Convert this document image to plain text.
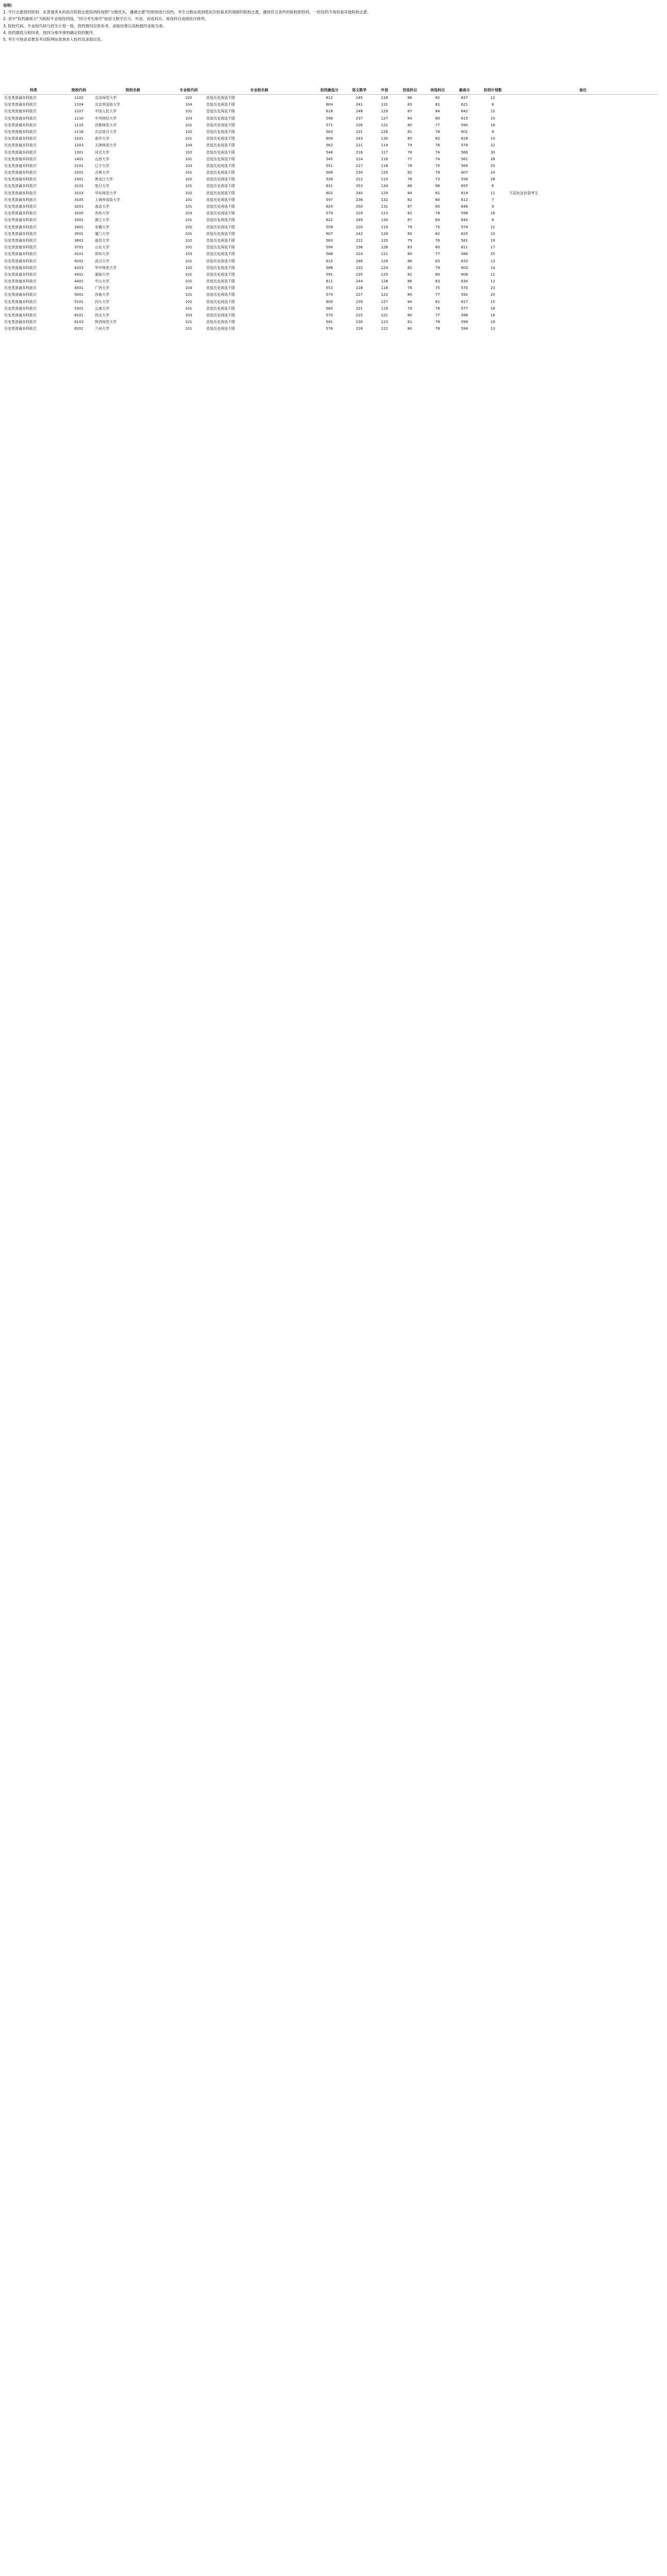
说明:

1. 平行志愿投档原则：在普通类本科批次院校志愿投档时按照"分数优先、遵循志愿"的原则进行投档，考生分数由高到低依次检索其所填报的院校志愿，遇到符合条件的院校即投档，一经投档不再检索其他院校志愿。

2. 表中"投档最低分"为院校专业组投档线，"同分考生排序"按语文数学总分、外语、首选科目、再选科目成绩依次排列。

3. 院校代码、专业组代码与招生计划一致，投档情况仅供参考，录取结果以高校最终录取为准。

4. 投档最低分相同者，按同分排序规则确定投档顺序。

5. 考生可登录省教育考试院网站查询本人投档及录取信息。

科类	院校代码	院校名称	专业组代码	专业组名称	投档最低分	语文数学	外语	首选科目	再选科目	最高分	投档计划数	备注
历史类普通本科批次	1102	北京师范大学	102	首选历史再选不限	612	245	128	86	82	637	12	
历史类普通本科批次	1104	北京外国语大学	104	首选历史再选不限	604	241	131	83	81	621	8	
历史类普通本科批次	1107	中国人民大学	101	首选历史再选不限	618	248	129	87	84	642	15	
历史类普通本科批次	1110	中央财经大学	103	首选历史再选不限	598	237	127	84	80	615	10	
历史类普通本科批次	1115	首都师范大学	101	首选历史再选不限	571	226	121	80	77	590	18	
历史类普通本科批次	1118	北京语言大学	102	首选历史再选不限	583	231	126	81	78	601	9	
历史类普通本科批次	1201	南开大学	101	首选历史再选不限	609	243	130	85	82	628	14	
历史类普通本科批次	1203	天津师范大学	104	首选历史再选不限	562	221	119	79	76	579	22	
历史类普通本科批次	1301	河北大学	102	首选历史再选不限	548	216	117	78	74	566	30	
历史类普通本科批次	1401	山西大学	101	首选历史再选不限	545	214	116	77	74	561	26	
历史类普通本科批次	2101	辽宁大学	103	首选历史再选不限	551	217	118	78	75	569	20	
历史类普通本科批次	2201	吉林大学	101	首选历史再选不限	589	234	125	82	79	607	24	
历史类普通本科批次	2301	黑龙江大学	102	首选历史再选不限	539	212	115	76	73	556	28	
历史类普通本科批次	3101	复旦大学	101	首选历史再选不限	631	253	134	88	86	655	6	
历史类普通本科批次	3103	华东师范大学	102	首选历史再选不限	602	240	129	84	81	619	11	不招色盲色弱考生
历史类普通本科批次	3105	上海外国语大学	101	首选历史再选不限	597	236	132	82	80	612	7	
历史类普通本科批次	3201	南京大学	101	首选历史再选不限	624	250	131	87	85	646	9	
历史类普通本科批次	3205	苏州大学	103	首选历史再选不限	579	229	123	81	78	598	16	
历史类普通本科批次	3301	浙江大学	101	首选历史再选不限	622	249	130	87	84	640	8	
历史类普通本科批次	3401	安徽大学	102	首选历史再选不限	558	220	119	79	75	574	21	
历史类普通本科批次	3501	厦门大学	101	首选历史再选不限	607	242	129	85	82	625	10	
历史类普通本科批次	3601	南昌大学	102	首选历史再选不限	563	222	120	79	76	581	19	
历史类普通本科批次	3701	山东大学	101	首选历史再选不限	594	236	126	83	80	611	17	
历史类普通本科批次	4101	郑州大学	103	首选历史再选不限	568	224	121	80	77	586	25	
历史类普通本科批次	4201	武汉大学	101	首选历史再选不限	615	246	129	86	83	633	13	
历史类普通本科批次	4203	华中师范大学	102	首选历史再选不限	586	232	124	82	79	603	14	
历史类普通本科批次	4301	湖南大学	101	首选历史再选不限	591	235	125	82	80	608	12	
历史类普通本科批次	4401	中山大学	101	首选历史再选不限	611	244	128	86	83	630	11	
历史类普通本科批次	4501	广西大学	104	首选历史再选不限	553	218	118	78	75	570	23	
历史类普通本科批次	5001	西南大学	101	首选历史再选不限	574	227	122	80	77	592	20	
历史类普通本科批次	5101	四川大学	102	首选历史再选不限	600	239	127	84	81	617	15	
历史类普通本科批次	5301	云南大学	101	首选历史再选不限	560	221	119	79	76	577	18	
历史类普通本科批次	6101	西北大学	103	首选历史再选不限	570	225	121	80	77	588	16	
历史类普通本科批次	6103	陕西师范大学	101	首选历史再选不限	581	230	123	81	78	599	19	
历史类普通本科批次	6201	兰州大学	101	首选历史再选不限	576	228	122	80	78	594	13	
